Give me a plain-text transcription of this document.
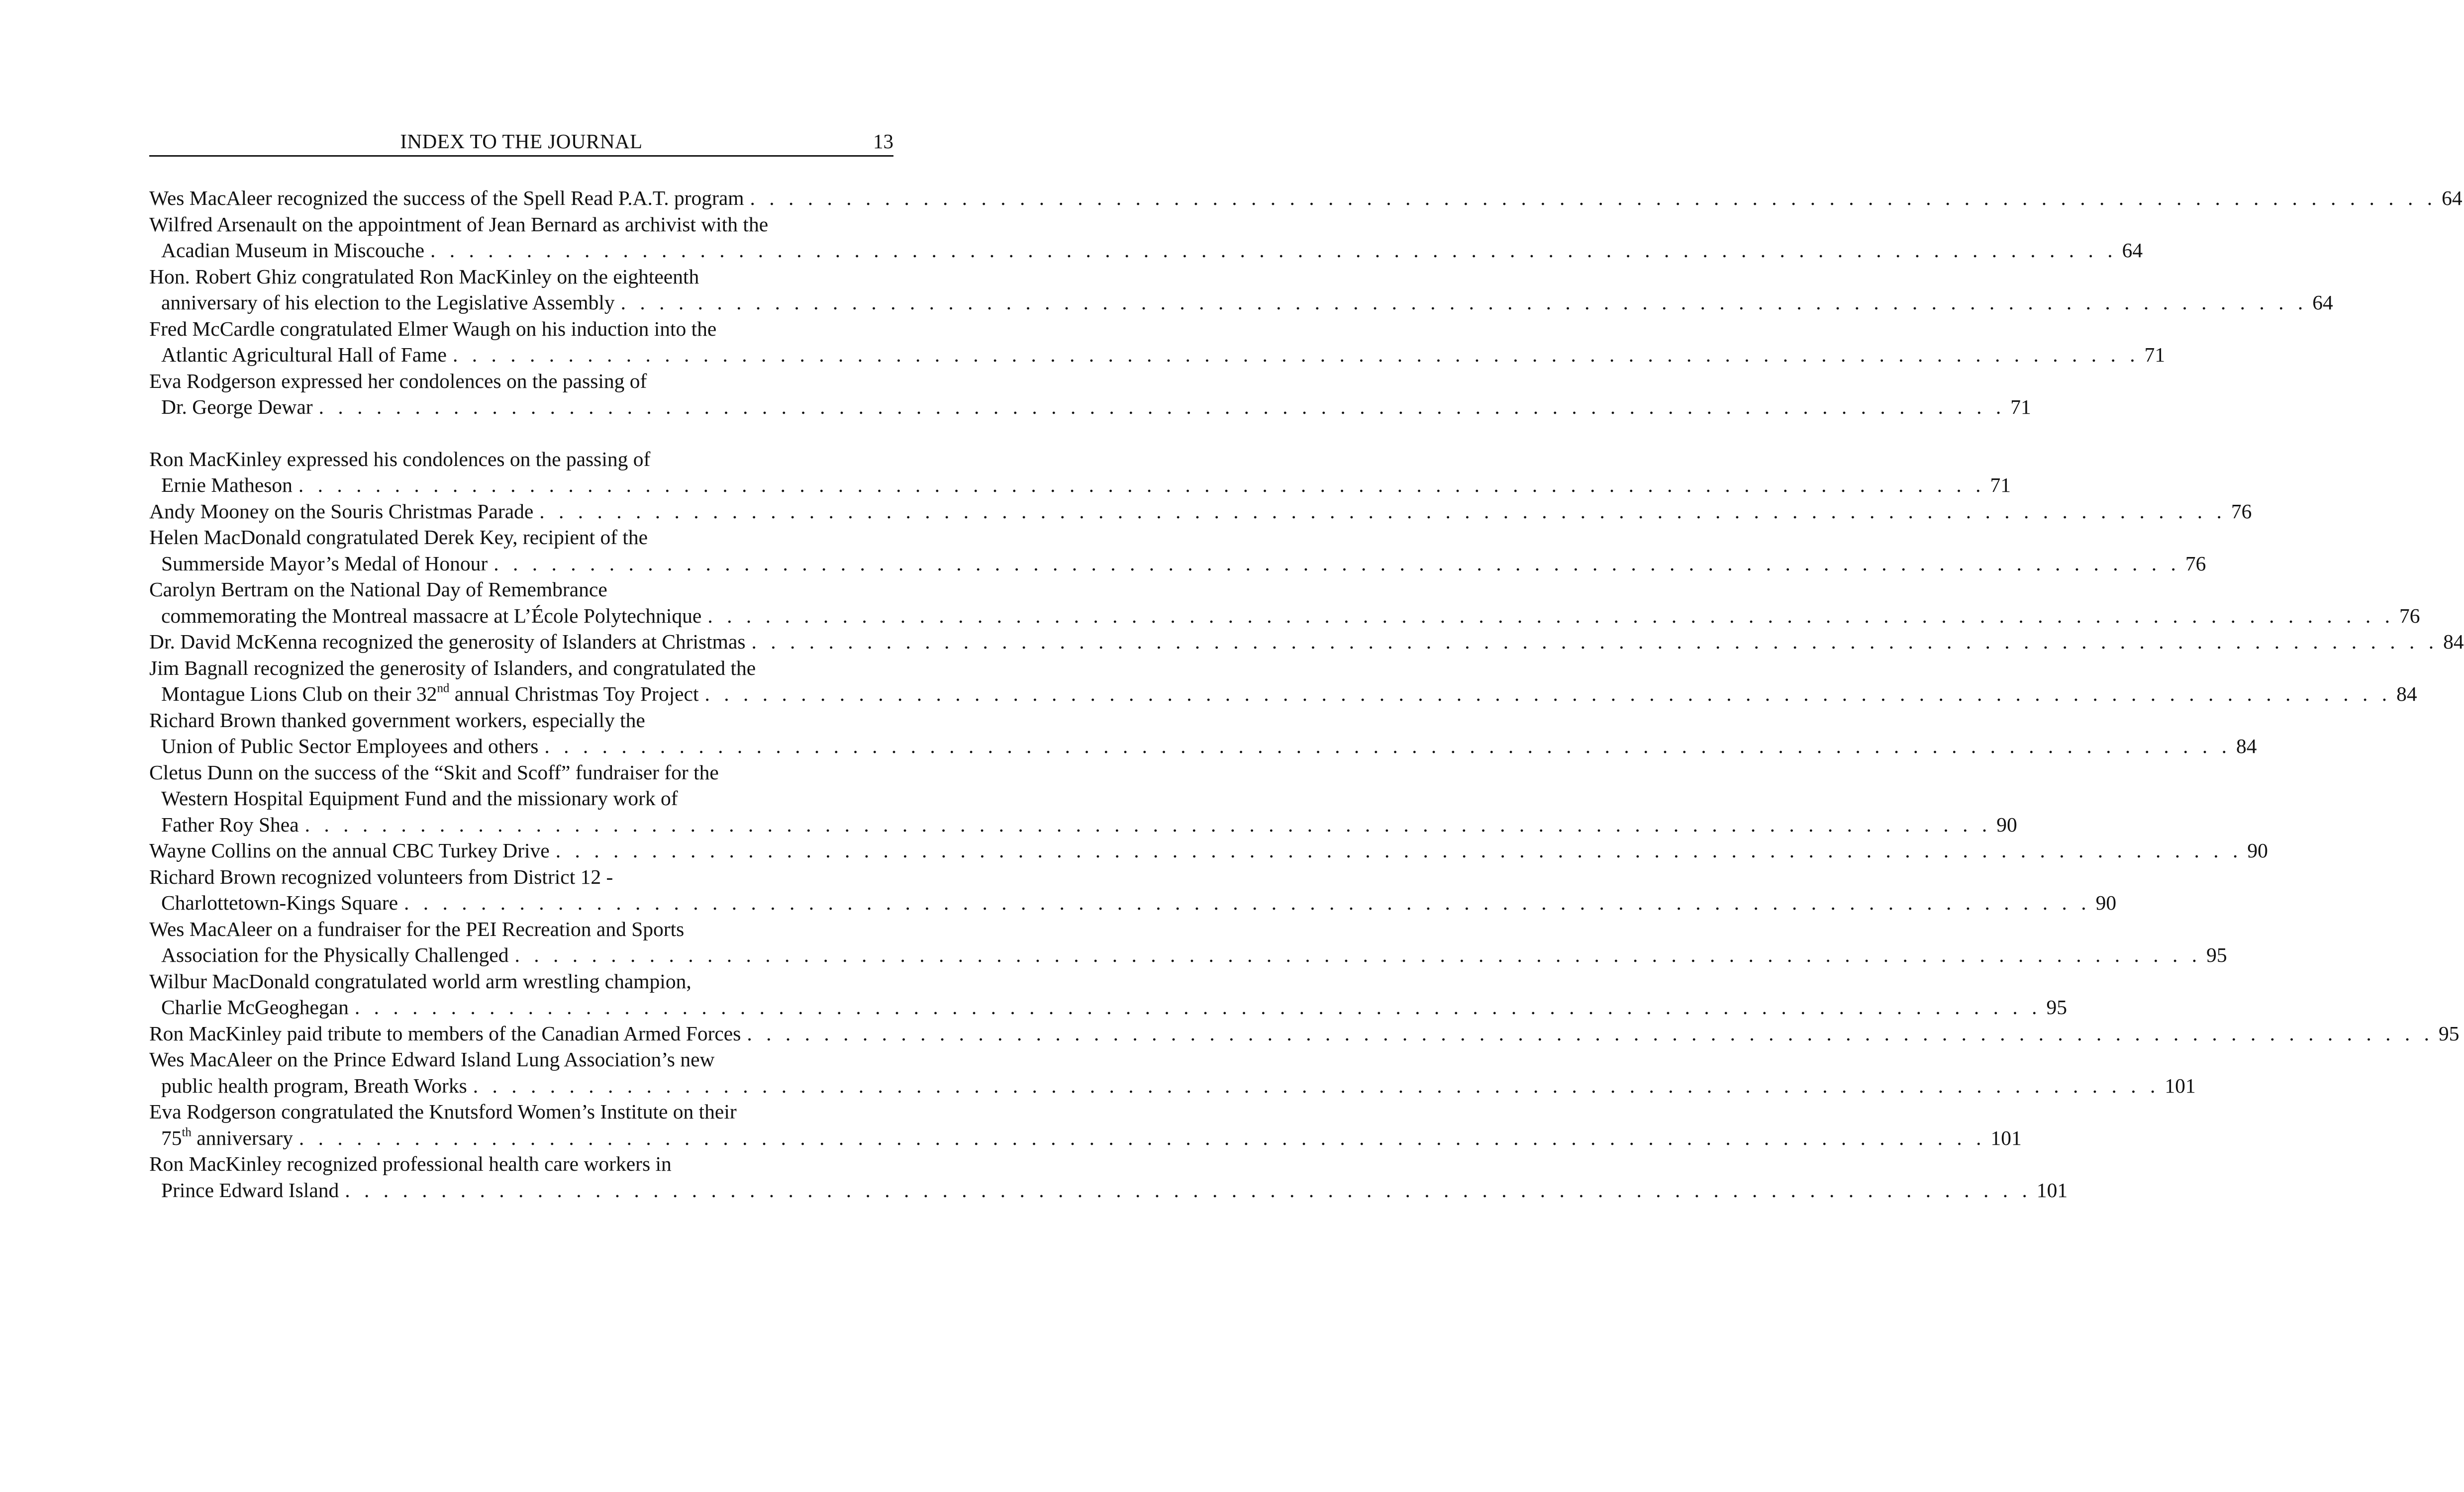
INDEX TO THE JOURNAL	13
Wes MacAleer recognized the success of the Spell Read P.A.T. program . . . . . . . . . . . . . . . . . . . . . . . . . . . . . . . . . . . . . . . . . . . . . . . . . . . . . . . . . . . . . . . . . . . . . . . . . . . . . . . . . . . . . . . . 64
Wilfred Arsenault on the appointment of Jean Bernard as archivist with the
Acadian Museum in Miscouche . . . . . . . . . . . . . . . . . . . . . . . . . . . . . . . . . . . . . . . . . . . . . . . . . . . . . . . . . . . . . . . . . . . . . . . . . . . . . . . . . . . . . . . . 64
Hon. Robert Ghiz congratulated Ron MacKinley on the eighteenth
anniversary of his election to the Legislative Assembly . . . . . . . . . . . . . . . . . . . . . . . . . . . . . . . . . . . . . . . . . . . . . . . . . . . . . . . . . . . . . . . . . . . . . . . . . . . . . . . . . . . . . . . . 64
Fred McCardle congratulated Elmer Waugh on his induction into the
Atlantic Agricultural Hall of Fame . . . . . . . . . . . . . . . . . . . . . . . . . . . . . . . . . . . . . . . . . . . . . . . . . . . . . . . . . . . . . . . . . . . . . . . . . . . . . . . . . . . . . . . . 71
Eva Rodgerson expressed her condolences on the passing of
Dr. George Dewar . . . . . . . . . . . . . . . . . . . . . . . . . . . . . . . . . . . . . . . . . . . . . . . . . . . . . . . . . . . . . . . . . . . . . . . . . . . . . . . . . . . . . . . . 71
Ron MacKinley expressed his condolences on the passing of
Ernie Matheson . . . . . . . . . . . . . . . . . . . . . . . . . . . . . . . . . . . . . . . . . . . . . . . . . . . . . . . . . . . . . . . . . . . . . . . . . . . . . . . . . . . . . . . . 71
Andy Mooney on the Souris Christmas Parade . . . . . . . . . . . . . . . . . . . . . . . . . . . . . . . . . . . . . . . . . . . . . . . . . . . . . . . . . . . . . . . . . . . . . . . . . . . . . . . . . . . . . . . . 76
Helen MacDonald congratulated Derek Key, recipient of the
Summerside Mayor’s Medal of Honour . . . . . . . . . . . . . . . . . . . . . . . . . . . . . . . . . . . . . . . . . . . . . . . . . . . . . . . . . . . . . . . . . . . . . . . . . . . . . . . . . . . . . . . . 76
Carolyn Bertram on the National Day of Remembrance
commemorating the Montreal massacre at L’École Polytechnique . . . . . . . . . . . . . . . . . . . . . . . . . . . . . . . . . . . . . . . . . . . . . . . . . . . . . . . . . . . . . . . . . . . . . . . . . . . . . . . . . . . . . . . . 76
Dr. David McKenna recognized the generosity of Islanders at Christmas . . . . . . . . . . . . . . . . . . . . . . . . . . . . . . . . . . . . . . . . . . . . . . . . . . . . . . . . . . . . . . . . . . . . . . . . . . . . . . . . . . . . . . . . 84
Jim Bagnall recognized the generosity of Islanders, and congratulated the
Montague Lions Club on their 32nd annual Christmas Toy Project . . . . . . . . . . . . . . . . . . . . . . . . . . . . . . . . . . . . . . . . . . . . . . . . . . . . . . . . . . . . . . . . . . . . . . . . . . . . . . . . . . . . . . . . 84
Richard Brown thanked government workers, especially the
Union of Public Sector Employees and others . . . . . . . . . . . . . . . . . . . . . . . . . . . . . . . . . . . . . . . . . . . . . . . . . . . . . . . . . . . . . . . . . . . . . . . . . . . . . . . . . . . . . . . . 84
Cletus Dunn on the success of the “Skit and Scoff” fundraiser for the
Western Hospital Equipment Fund and the missionary work of
Father Roy Shea . . . . . . . . . . . . . . . . . . . . . . . . . . . . . . . . . . . . . . . . . . . . . . . . . . . . . . . . . . . . . . . . . . . . . . . . . . . . . . . . . . . . . . . . 90
Wayne Collins on the annual CBC Turkey Drive . . . . . . . . . . . . . . . . . . . . . . . . . . . . . . . . . . . . . . . . . . . . . . . . . . . . . . . . . . . . . . . . . . . . . . . . . . . . . . . . . . . . . . . . 90
Richard Brown recognized volunteers from District 12 -
Charlottetown-Kings Square . . . . . . . . . . . . . . . . . . . . . . . . . . . . . . . . . . . . . . . . . . . . . . . . . . . . . . . . . . . . . . . . . . . . . . . . . . . . . . . . . . . . . . . . 90
Wes MacAleer on a fundraiser for the PEI Recreation and Sports
Association for the Physically Challenged . . . . . . . . . . . . . . . . . . . . . . . . . . . . . . . . . . . . . . . . . . . . . . . . . . . . . . . . . . . . . . . . . . . . . . . . . . . . . . . . . . . . . . . . 95
Wilbur MacDonald congratulated world arm wrestling champion,
Charlie McGeoghegan . . . . . . . . . . . . . . . . . . . . . . . . . . . . . . . . . . . . . . . . . . . . . . . . . . . . . . . . . . . . . . . . . . . . . . . . . . . . . . . . . . . . . . . . 95
Ron MacKinley paid tribute to members of the Canadian Armed Forces . . . . . . . . . . . . . . . . . . . . . . . . . . . . . . . . . . . . . . . . . . . . . . . . . . . . . . . . . . . . . . . . . . . . . . . . . . . . . . . . . . . . . . . . 95
Wes MacAleer on the Prince Edward Island Lung Association’s new
public health program, Breath Works . . . . . . . . . . . . . . . . . . . . . . . . . . . . . . . . . . . . . . . . . . . . . . . . . . . . . . . . . . . . . . . . . . . . . . . . . . . . . . . . . . . . . . . . 101
Eva Rodgerson congratulated the Knutsford Women’s Institute on their
75th anniversary . . . . . . . . . . . . . . . . . . . . . . . . . . . . . . . . . . . . . . . . . . . . . . . . . . . . . . . . . . . . . . . . . . . . . . . . . . . . . . . . . . . . . . . . 101
Ron MacKinley recognized professional health care workers in
Prince Edward Island . . . . . . . . . . . . . . . . . . . . . . . . . . . . . . . . . . . . . . . . . . . . . . . . . . . . . . . . . . . . . . . . . . . . . . . . . . . . . . . . . . . . . . . . 101
